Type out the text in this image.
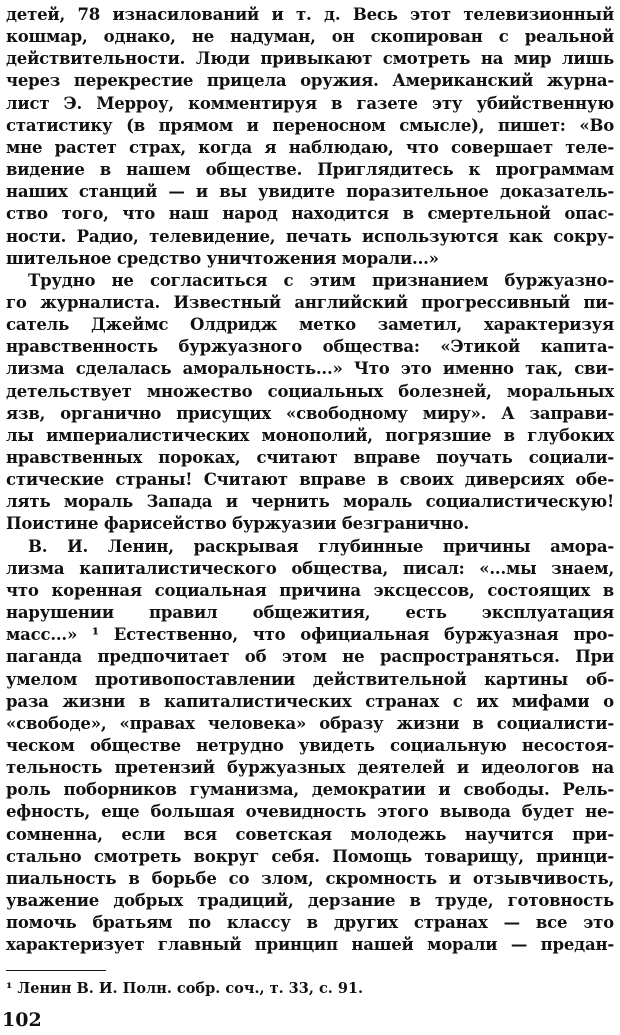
детей, 78 изнасилований и т. д. Весь этот телевизионный
кошмар, однако, не надуман, он скопирован с реальной
действительности. Люди привыкают смотреть на мир лишь
через перекрестие прицела оружия. Американский журна-
лист Э. Мерроу, комментируя в газете эту убийственную
статистику (в прямом и переносном смысле), пишет: «Во
мне растет страх, когда я наблюдаю, что совершает теле-
видение в нашем обществе. Приглядитесь к программам
наших станций — и вы увидите поразительное доказатель-
ство того, что наш народ находится в смертельной опас-
ности. Радио, телевидение, печать используются как сокру-
шительное средство уничтожения морали...»
Трудно не согласиться с этим признанием буржуазно-
го журналиста. Известный английский прогрессивный пи-
сатель Джеймс Олдридж метко заметил, характеризуя
нравственность буржуазного общества: «Этикой капита-
лизма сделалась аморальность...» Что это именно так, сви-
детельствует множество социальных болезней, моральных
язв, органично присущих «свободному миру». А заправи-
лы империалистических монополий, погрязшие в глубоких
нравственных пороках, считают вправе поучать социали-
стические страны! Считают вправе в своих диверсиях обе-
лять мораль Запада и чернить мораль социалистическую!
Поистине фарисейство буржуазии безгранично.
В. И. Ленин, раскрывая глубинные причины амора-
лизма капиталистического общества, писал: «...мы знаем,
что коренная социальная причина эксцессов, состоящих в
нарушении правил общежития, есть эксплуатация
масс...» ¹ Естественно, что официальная буржуазная про-
паганда предпочитает об этом не распространяться. При
умелом противопоставлении действительной картины об-
раза жизни в капиталистических странах с их мифами о
«свободе», «правах человека» образу жизни в социалисти-
ческом обществе нетрудно увидеть социальную несостоя-
тельность претензий буржуазных деятелей и идеологов на
роль поборников гуманизма, демократии и свободы. Рель-
ефность, еще большая очевидность этого вывода будет не-
сомненна, если вся советская молодежь научится при-
стально смотреть вокруг себя. Помощь товарищу, принци-
пиальность в борьбе со злом, скромность и отзывчивость,
уважение добрых традиций, дерзание в труде, готовность
помочь братьям по классу в других странах — все это
характеризует главный принцип нашей морали — предан-
¹ Ленин В. И. Полн. собр. соч., т. 33, с. 91.
102
